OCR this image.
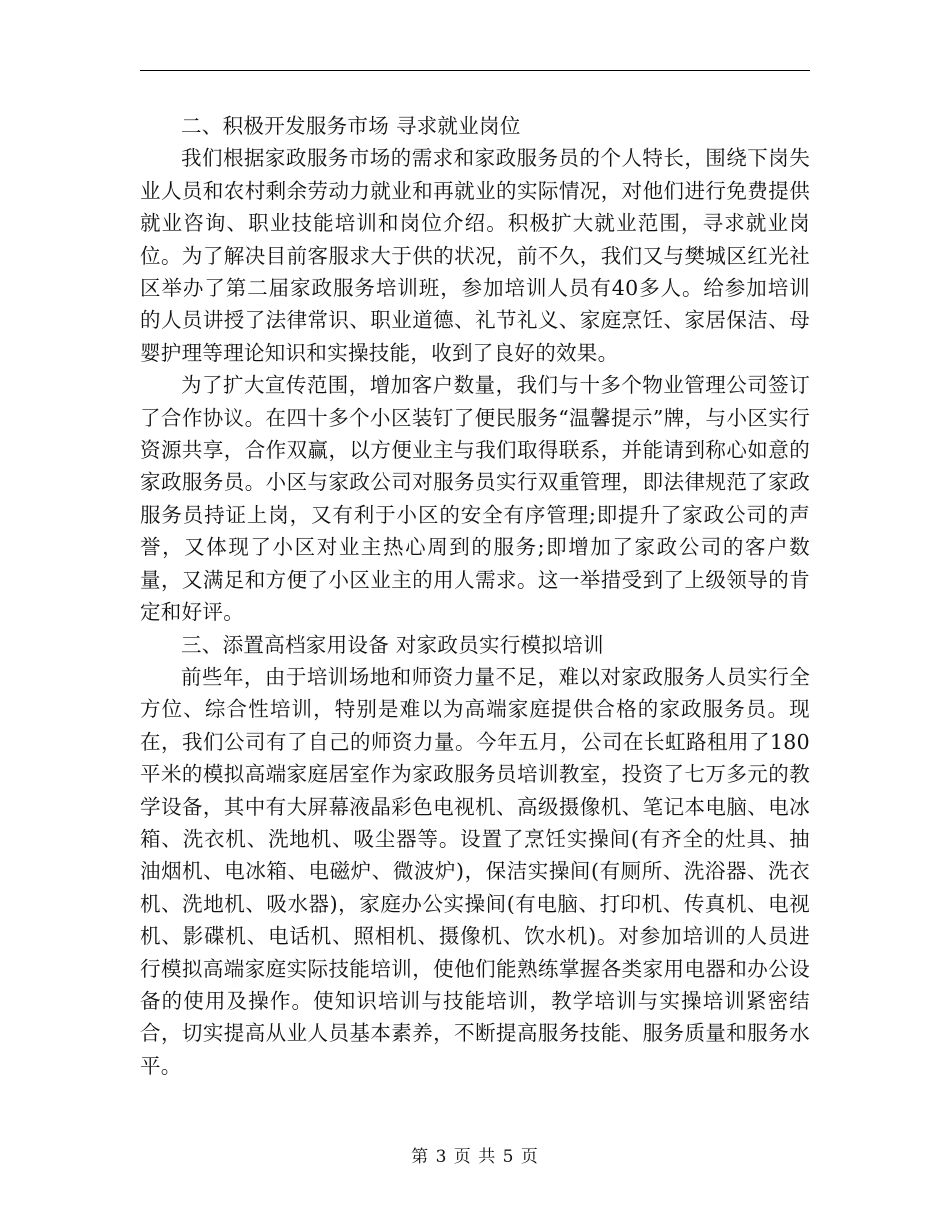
二、积极开发服务市场 寻求就业岗位

我们根据家政服务市场的需求和家政服务员的个人特长，围绕下岗失业人员和农村剩余劳动力就业和再就业的实际情况，对他们进行免费提供就业咨询、职业技能培训和岗位介绍。积极扩大就业范围，寻求就业岗位。为了解决目前客服求大于供的状况，前不久，我们又与樊城区红光社区举办了第二届家政服务培训班，参加培训人员有40多人。给参加培训的人员讲授了法律常识、职业道德、礼节礼义、家庭烹饪、家居保洁、母婴护理等理论知识和实操技能，收到了良好的效果。

为了扩大宣传范围，增加客户数量，我们与十多个物业管理公司签订了合作协议。在四十多个小区装钉了便民服务“温馨提示”牌，与小区实行资源共享，合作双赢，以方便业主与我们取得联系，并能请到称心如意的家政服务员。小区与家政公司对服务员实行双重管理，即法律规范了家政服务员持证上岗，又有利于小区的安全有序管理;即提升了家政公司的声誉，又体现了小区对业主热心周到的服务;即增加了家政公司的客户数量，又满足和方便了小区业主的用人需求。这一举措受到了上级领导的肯定和好评。

三、添置高档家用设备 对家政员实行模拟培训

前些年，由于培训场地和师资力量不足，难以对家政服务人员实行全方位、综合性培训，特别是难以为高端家庭提供合格的家政服务员。现在，我们公司有了自己的师资力量。今年五月，公司在长虹路租用了180平米的模拟高端家庭居室作为家政服务员培训教室，投资了七万多元的教学设备，其中有大屏幕液晶彩色电视机、高级摄像机、笔记本电脑、电冰箱、洗衣机、洗地机、吸尘器等。设置了烹饪实操间(有齐全的灶具、抽油烟机、电冰箱、电磁炉、微波炉)，保洁实操间(有厕所、洗浴器、洗衣机、洗地机、吸水器)，家庭办公实操间(有电脑、打印机、传真机、电视机、影碟机、电话机、照相机、摄像机、饮水机)。对参加培训的人员进行模拟高端家庭实际技能培训，使他们能熟练掌握各类家用电器和办公设备的使用及操作。使知识培训与技能培训，教学培训与实操培训紧密结合，切实提高从业人员基本素养，不断提高服务技能、服务质量和服务水平。

第 3 页 共 5 页
